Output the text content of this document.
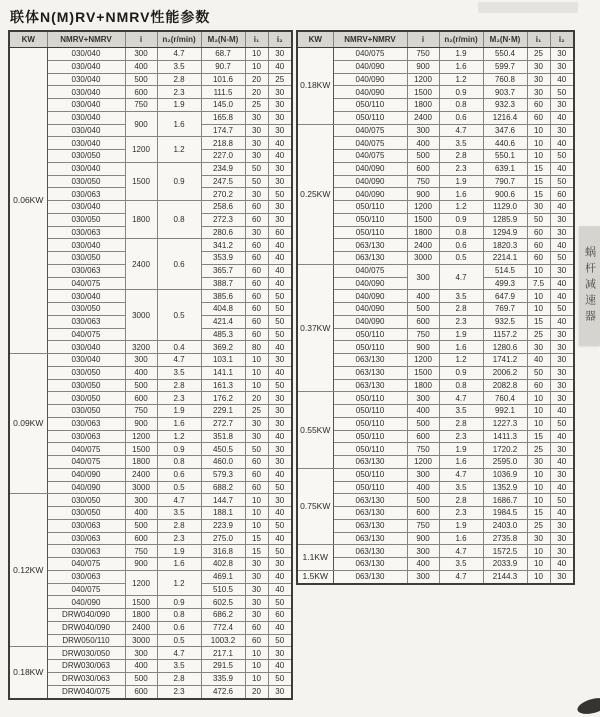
联体N(M)RV+NMRV性能参数
KW	NMRV+NMRV	i	n₂(r/min)	M₂(N-M)	i₁	i₂
0.06KW	030/040	300	4.7	68.7	10	30
	030/040	400	3.5	90.7	10	40
	030/040	500	2.8	101.6	20	25
	030/040	600	2.3	111.5	20	30
	030/040	750	1.9	145.0	25	30
	030/040	900	1.6	165.8	30	30
	030/040			174.7	30	30
	030/040	1200	1.2	218.8	30	40
	030/050			227.0	30	40
	030/040	1500	0.9	234.9	50	30
	030/050			247.5	50	30
	030/063			270.2	30	50
	030/040	1800	0.8	258.6	60	30
	030/050			272.3	60	30
	030/063			280.6	30	60
	030/040	2400	0.6	341.2	60	40
	030/050			353.9	60	40
	030/063			365.7	60	40
	040/075			388.7	60	40
	030/040	3000	0.5	385.6	60	50
	030/050			404.8	60	50
	030/063			421.4	60	50
	040/075			485.3	60	50
	030/040	3200	0.4	369.2	80	40
0.09KW	030/040	300	4.7	103.1	10	30
	030/050	400	3.5	141.1	10	40
	030/050	500	2.8	161.3	10	50
	030/050	600	2.3	176.2	20	30
	030/050	750	1.9	229.1	25	30
	030/063	900	1.6	272.7	30	30
	030/063	1200	1.2	351.8	30	40
	040/075	1500	0.9	450.5	50	30
	040/075	1800	0.8	460.0	60	30
	040/090	2400	0.6	579.3	60	40
	040/090	3000	0.5	688.2	60	50
0.12KW	030/050	300	4.7	144.7	10	30
	030/050	400	3.5	188.1	10	40
	030/063	500	2.8	223.9	10	50
	030/063	600	2.3	275.0	15	40
	030/063	750	1.9	316.8	15	50
	040/075	900	1.6	402.8	30	30
	030/063	1200	1.2	469.1	30	40
	040/075			510.5	30	40
	040/090	1500	0.9	602.5	30	50
	DRW040/090	1800	0.8	686.2	30	60
	DRW040/090	2400	0.6	772.4	60	40
	DRW050/110	3000	0.5	1003.2	60	50
0.18KW	DRW030/050	300	4.7	217.1	10	30
	DRW030/063	400	3.5	291.5	10	40
	DRW030/063	500	2.8	335.9	10	50
	DRW040/075	600	2.3	472.6	20	30
KW	NMRV+NMRV	i	n₂(r/min)	M₂(N·M)	i₁	i₂
0.18KW	040/075	750	1.9	550.4	25	30
	040/090	900	1.6	599.7	30	30
	040/090	1200	1.2	760.8	30	40
	040/090	1500	0.9	903.7	30	50
	050/110	1800	0.8	932.3	60	30
	050/110	2400	0.6	1216.4	60	40
0.25KW	040/075	300	4.7	347.6	10	30
	040/075	400	3.5	440.6	10	40
	040/075	500	2.8	550.1	10	50
	040/090	600	2.3	639.1	15	40
	040/090	750	1.9	790.7	15	50
	040/090	900	1.6	900.6	15	60
	050/110	1200	1.2	1129.0	30	40
	050/110	1500	0.9	1285.9	50	30
	050/110	1800	0.8	1294.9	60	30
	063/130	2400	0.6	1820.3	60	40
	063/130	3000	0.5	2214.1	60	50
0.37KW	040/075	300	4.7	514.5	10	30
	040/090			499.3	7.5	40
	040/090	400	3.5	647.9	10	40
	040/090	500	2.8	769.7	10	50
	040/090	600	2.3	932.5	15	40
	050/110	750	1.9	1157.2	25	30
	050/110	900	1.6	1280.6	30	30
	063/130	1200	1.2	1741.2	40	30
	063/130	1500	0.9	2006.2	50	30
	063/130	1800	0.8	2082.8	60	30
0.55KW	050/110	300	4.7	760.4	10	30
	050/110	400	3.5	992.1	10	40
	050/110	500	2.8	1227.3	10	50
	050/110	600	2.3	1411.3	15	40
	050/110	750	1.9	1720.2	25	30
	063/130	1200	1.6	2595.0	30	40
0.75KW	050/110	300	4.7	1036.9	10	30
	050/110	400	3.5	1352.9	10	40
	063/130	500	2.8	1686.7	10	50
	063/130	600	2.3	1984.5	15	40
	063/130	750	1.9	2403.0	25	30
	063/130	900	1.6	2735.8	30	30
1.1KW	063/130	300	4.7	1572.5	10	30
	063/130	400	3.5	2033.9	10	40
1.5KW	063/130	300	4.7	2144.3	10	30
蜗杆减速器
